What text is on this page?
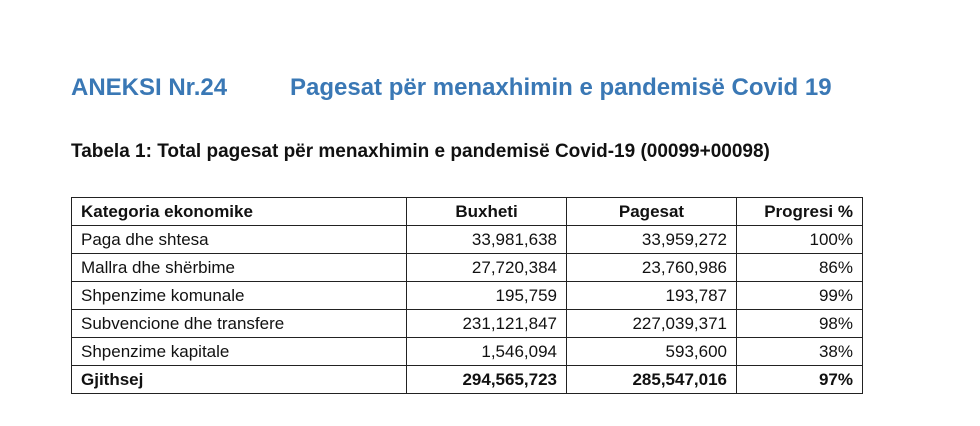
ANEKSI Nr.24	Pagesat për menaxhimin e pandemisë Covid 19
Tabela 1: Total pagesat për menaxhimin e pandemisë Covid-19 (00099+00098)
Kategoria ekonomike	Buxheti	Pagesat	Progresi %
Paga dhe shtesa	33,981,638	33,959,272	100%
Mallra dhe shërbime	27,720,384	23,760,986	86%
Shpenzime komunale	195,759	193,787	99%
Subvencione dhe transfere	231,121,847	227,039,371	98%
Shpenzime kapitale	1,546,094	593,600	38%
Gjithsej	294,565,723	285,547,016	97%
